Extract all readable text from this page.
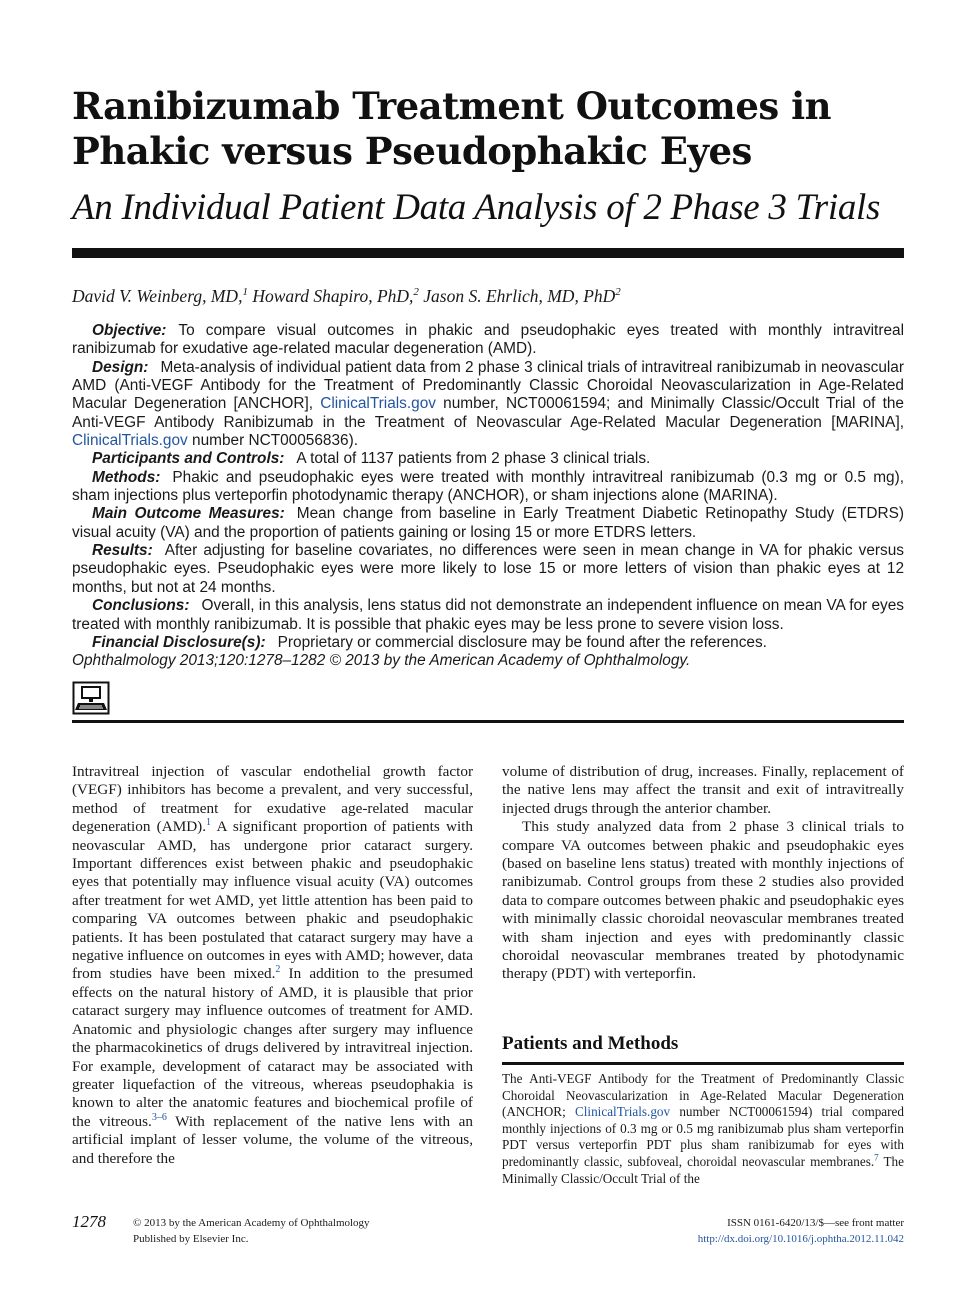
Ranibizumab Treatment Outcomes in
Phakic versus Pseudophakic Eyes
An Individual Patient Data Analysis of 2 Phase 3 Trials
David V. Weinberg, MD,$^1$ Howard Shapiro, PhD,$^2$ Jason S. Ehrlich, MD, PhD$^2$

Objective: To compare visual outcomes in phakic and pseudophakic eyes treated with monthly intravitreal ranibizumab for exudative age-related macular degeneration (AMD).

Design: Meta-analysis of individual patient data from 2 phase 3 clinical trials of intravitreal ranibizumab in neovascular AMD (Anti-VEGF Antibody for the Treatment of Predominantly Classic Choroidal Neovascularization in Age-Related Macular Degeneration [ANCHOR], ClinicalTrials.gov number, NCT00061594; and Minimally Classic/Occult Trial of the Anti-VEGF Antibody Ranibizumab in the Treatment of Neovascular Age-Related Macular Degeneration [MARINA], ClinicalTrials.gov number NCT00056836).

Participants and Controls: A total of 1137 patients from 2 phase 3 clinical trials.

Methods: Phakic and pseudophakic eyes were treated with monthly intravitreal ranibizumab (0.3 mg or 0.5 mg), sham injections plus verteporfin photodynamic therapy (ANCHOR), or sham injections alone (MARINA).

Main Outcome Measures: Mean change from baseline in Early Treatment Diabetic Retinopathy Study (ETDRS) visual acuity (VA) and the proportion of patients gaining or losing 15 or more ETDRS letters.

Results: After adjusting for baseline covariates, no differences were seen in mean change in VA for phakic versus pseudophakic eyes. Pseudophakic eyes were more likely to lose 15 or more letters of vision than phakic eyes at 12 months, but not at 24 months.

Conclusions: Overall, in this analysis, lens status did not demonstrate an independent influence on mean VA for eyes treated with monthly ranibizumab. It is possible that phakic eyes may be less prone to severe vision loss.

Financial Disclosure(s): Proprietary or commercial disclosure may be found after the references.

Ophthalmology 2013;120:1278–1282 © 2013 by the American Academy of Ophthalmology.

Intravitreal injection of vascular endothelial growth factor (VEGF) inhibitors has become a prevalent, and very successful, method of treatment for exudative age-related macular degeneration (AMD).$^1$ A significant proportion of patients with neovascular AMD, has undergone prior cataract surgery. Important differences exist between phakic and pseudophakic eyes that potentially may influence visual acuity (VA) outcomes after treatment for wet AMD, yet little attention has been paid to comparing VA outcomes between phakic and pseudophakic patients. It has been postulated that cataract surgery may have a negative influence on outcomes in eyes with AMD; however, data from studies have been mixed.$^2$ In addition to the presumed effects on the natural history of AMD, it is plausible that prior cataract surgery may influence outcomes of treatment for AMD. Anatomic and physiologic changes after surgery may influence the pharmacokinetics of drugs delivered by intravitreal injection. For example, development of cataract may be associated with greater liquefaction of the vitreous, whereas pseudophakia is known to alter the anatomic features and biochemical profile of the vitreous.$^{3-6}$ With replacement of the native lens with an artificial implant of lesser volume, the volume of the vitreous, and therefore the

volume of distribution of drug, increases. Finally, replacement of the native lens may affect the transit and exit of intravitreally injected drugs through the anterior chamber.

This study analyzed data from 2 phase 3 clinical trials to compare VA outcomes between phakic and pseudophakic eyes (based on baseline lens status) treated with monthly injections of ranibizumab. Control groups from these 2 studies also provided data to compare outcomes between phakic and pseudophakic eyes with minimally classic choroidal neovascular membranes treated with sham injection and eyes with predominantly classic choroidal neovascular membranes treated by photodynamic therapy (PDT) with verteporfin.

Patients and Methods

The Anti-VEGF Antibody for the Treatment of Predominantly Classic Choroidal Neovascularization in Age-Related Macular Degeneration (ANCHOR; ClinicalTrials.gov number NCT00061594) trial compared monthly injections of 0.3 mg or 0.5 mg ranibizumab plus sham verteporfin PDT versus verteporfin PDT plus sham ranibizumab for eyes with predominantly classic, subfoveal, choroidal neovascular membranes.$^7$ The Minimally Classic/Occult Trial of the

1278 © 2013 by the American Academy of Ophthalmology
Published by Elsevier Inc.
ISSN 0161-6420/13/$—see front matter
http://dx.doi.org/10.1016/j.ophtha.2012.11.042
